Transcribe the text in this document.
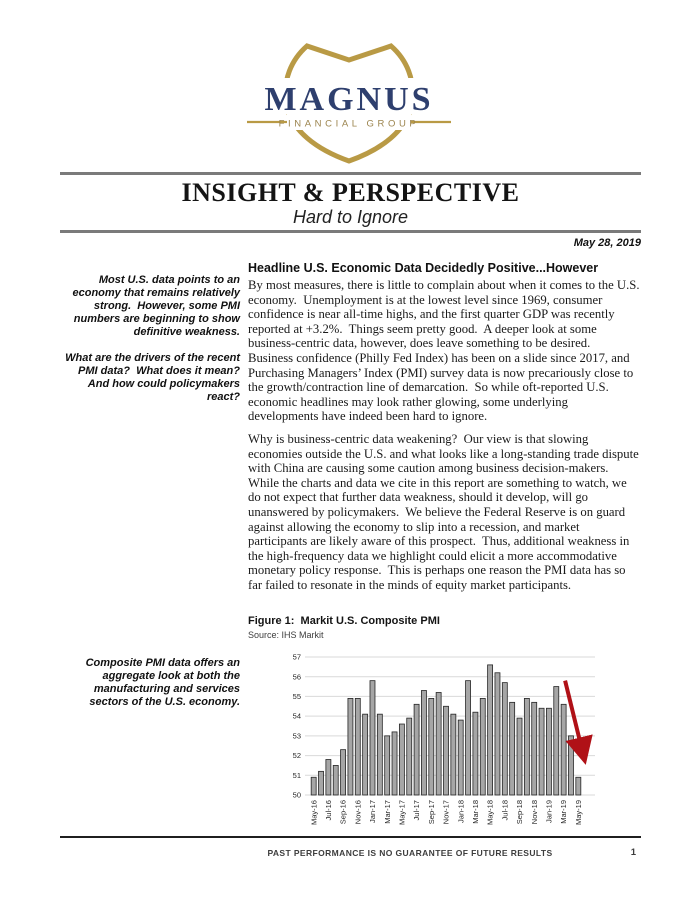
MAGNUS
FINANCIAL GROUP
INSIGHT & PERSPECTIVE
Hard to Ignore
May 28, 2019
Most U.S. data points to an economy that remains relatively strong.  However, some PMI numbers are beginning to show definitive weakness.
What are the drivers of the recent PMI data?  What does it mean?  And how could policymakers react?
Composite PMI data offers an aggregate look at both the manufacturing and services sectors of the U.S. economy.
Headline U.S. Economic Data Decidedly Positive...However
By most measures, there is little to complain about when it comes to the U.S. economy.  Unemployment is at the lowest level since 1969, consumer confidence is near all-time highs, and the first quarter GDP was recently reported at +3.2%.  Things seem pretty good.  A deeper look at some business-centric data, however, does leave something to be desired.  Business confidence (Philly Fed Index) has been on a slide since 2017, and Purchasing Managers’ Index (PMI) survey data is now precariously close to the growth/contraction line of demarcation.  So while oft-reported U.S. economic headlines may look rather glowing, some underlying developments have indeed been hard to ignore.
Why is business-centric data weakening?  Our view is that slowing economies outside the U.S. and what looks like a long-standing trade dispute with China are causing some caution among business decision-makers.  While the charts and data we cite in this report are something to watch, we do not expect that further data weakness, should it develop, will go unanswered by policymakers.  We believe the Federal Reserve is on guard against allowing the economy to slip into a recession, and market participants are likely aware of this prospect.  Thus, additional weakness in the high-frequency data we highlight could elicit a more accommodative monetary policy response.  This is perhaps one reason the PMI data has so far failed to resonate in the minds of equity market participants.
Figure 1:  Markit U.S. Composite PMI
Source: IHS Markit
50
51
52
53
54
55
56
57
May-16 Jul-16 Sep-16 Nov-16 Jan-17 Mar-17 May-17 Jul-17 Sep-17 Nov-17 Jan-18 Mar-18 May-18 Jul-18 Sep-18 Nov-18 Jan-19 Mar-19 May-19
PAST PERFORMANCE IS NO GUARANTEE OF FUTURE RESULTS	1
